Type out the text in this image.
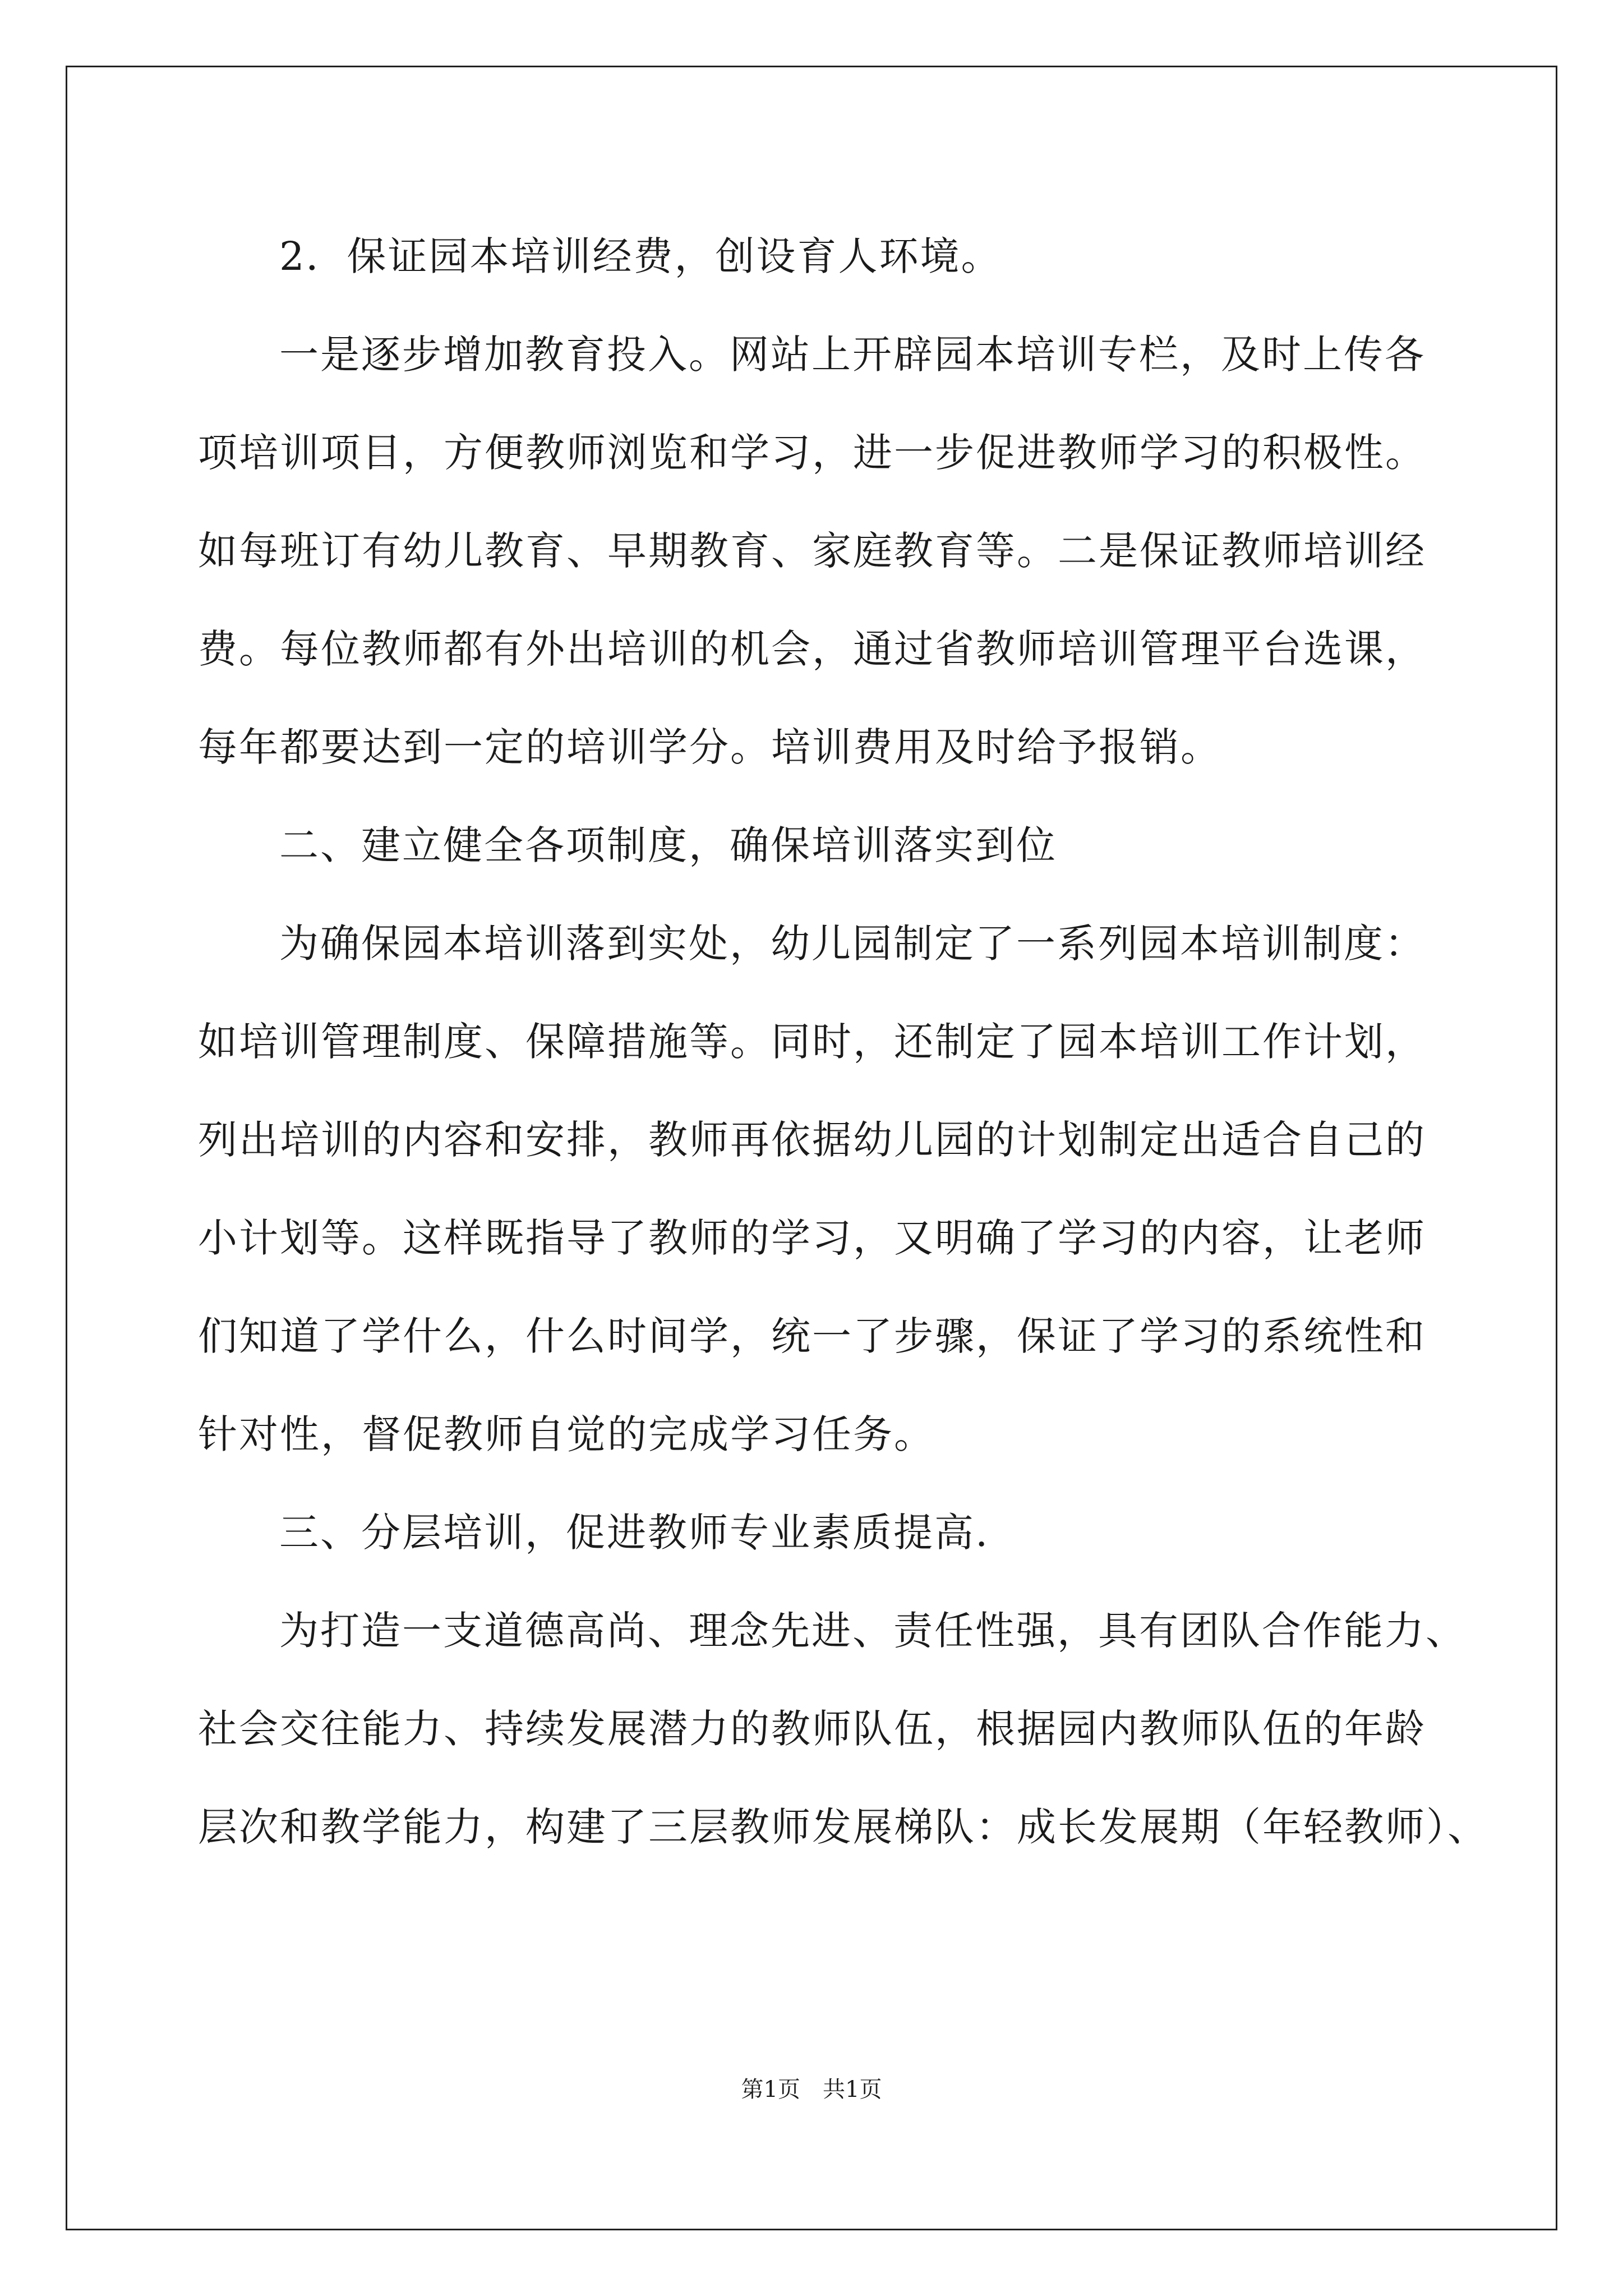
2．保证园本培训经费，创设育人环境。
一是逐步增加教育投入。网站上开辟园本培训专栏，及时上传各
项培训项目，方便教师浏览和学习，进一步促进教师学习的积极性。
如每班订有幼儿教育、早期教育、家庭教育等。二是保证教师培训经
费。每位教师都有外出培训的机会，通过省教师培训管理平台选课，
每年都要达到一定的培训学分。培训费用及时给予报销。
二、建立健全各项制度，确保培训落实到位
为确保园本培训落到实处，幼儿园制定了一系列园本培训制度：
如培训管理制度、保障措施等。同时，还制定了园本培训工作计划，
列出培训的内容和安排，教师再依据幼儿园的计划制定出适合自己的
小计划等。这样既指导了教师的学习，又明确了学习的内容，让老师
们知道了学什么，什么时间学，统一了步骤，保证了学习的系统性和
针对性，督促教师自觉的完成学习任务。
三、分层培训，促进教师专业素质提高.
为打造一支道德高尚、理念先进、责任性强，具有团队合作能力、
社会交往能力、持续发展潜力的教师队伍，根据园内教师队伍的年龄
层次和教学能力，构建了三层教师发展梯队：成长发展期（年轻教师）、
第1页　共1页
